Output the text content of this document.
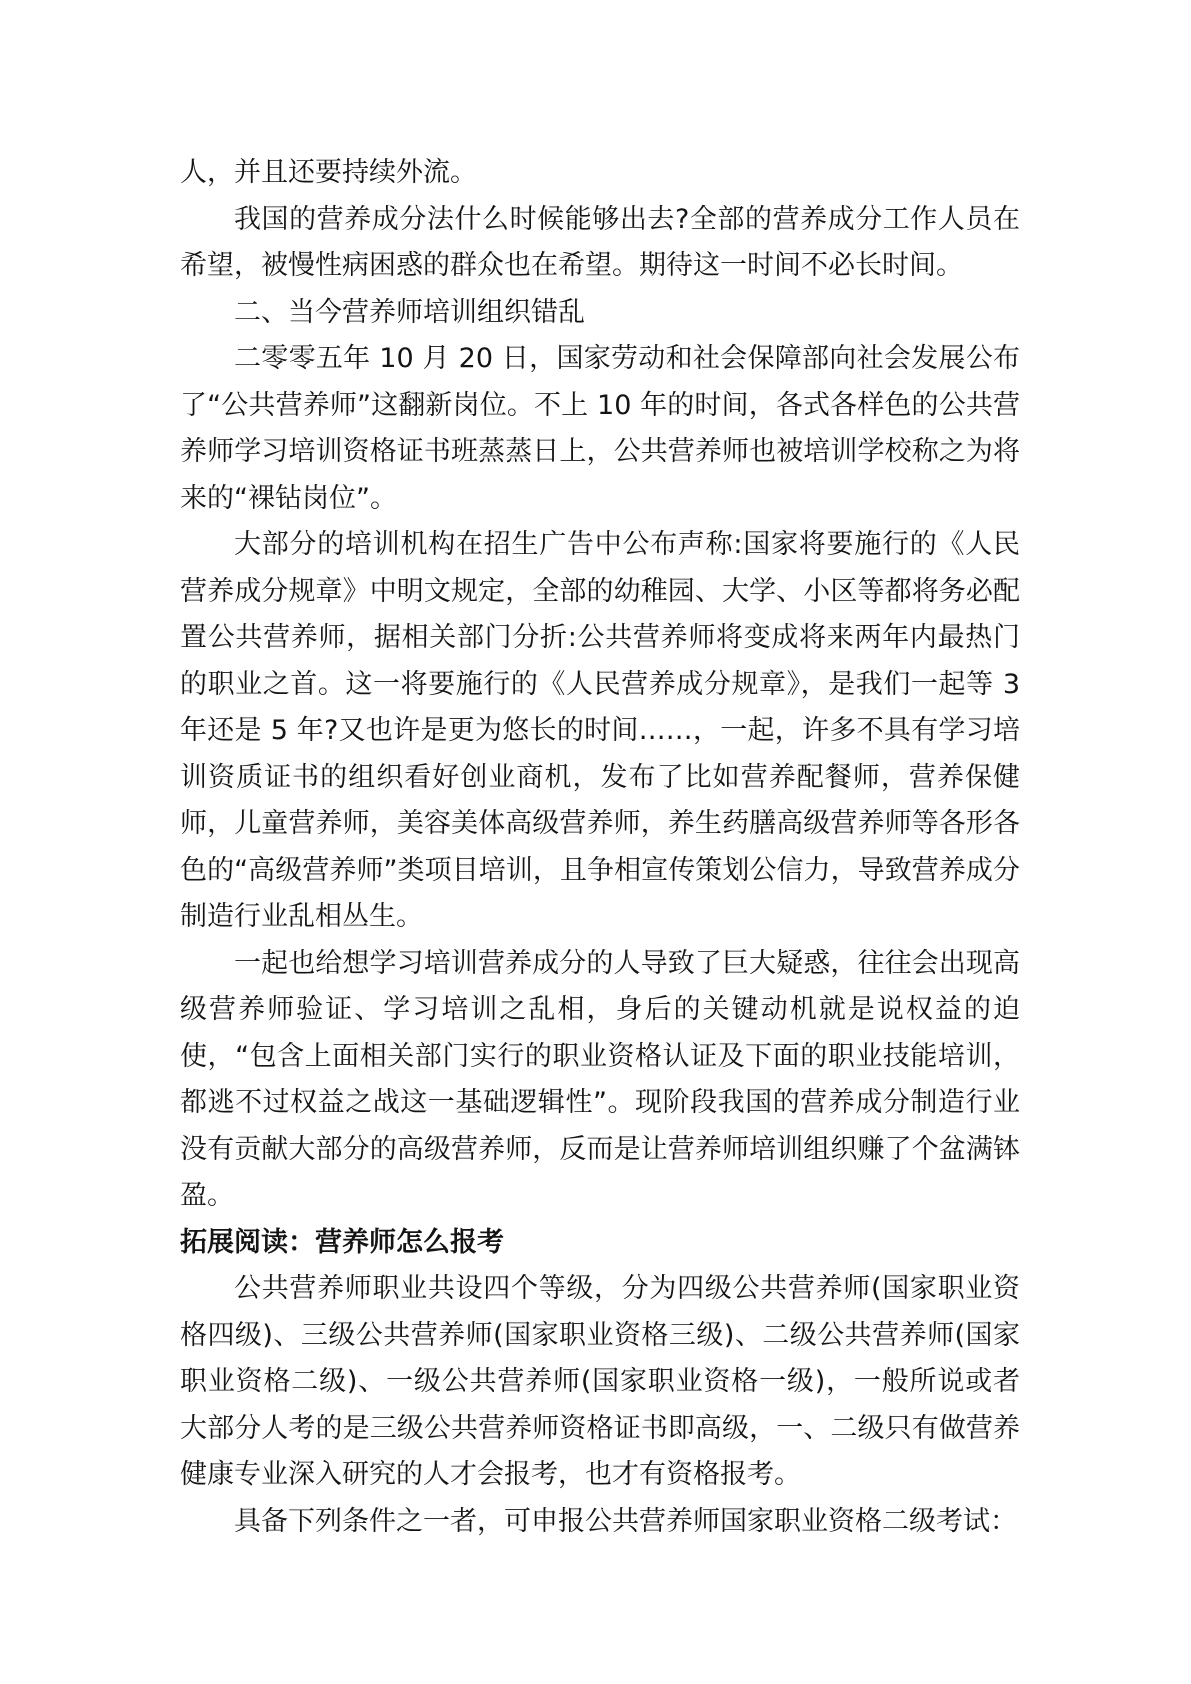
人，并且还要持续外流。

我国的营养成分法什么时候能够出去?全部的营养成分工作人员在希望，被慢性病困惑的群众也在希望。期待这一时间不必长时间。

二、当今营养师培训组织错乱

二零零五年 10 月 20 日，国家劳动和社会保障部向社会发展公布了“公共营养师”这翻新岗位。不上 10 年的时间，各式各样色的公共营养师学习培训资格证书班蒸蒸日上，公共营养师也被培训学校称之为将来的“裸钻岗位”。

大部分的培训机构在招生广告中公布声称:国家将要施行的《人民营养成分规章》中明文规定，全部的幼稚园、大学、小区等都将务必配置公共营养师，据相关部门分折:公共营养师将变成将来两年内最热门的职业之首。这一将要施行的《人民营养成分规章》，是我们一起等 3 年还是 5 年?又也许是更为悠长的时间……，一起，许多不具有学习培训资质证书的组织看好创业商机，发布了比如营养配餐师，营养保健师，儿童营养师，美容美体高级营养师，养生药膳高级营养师等各形各色的“高级营养师”类项目培训，且争相宣传策划公信力，导致营养成分制造行业乱相丛生。

一起也给想学习培训营养成分的人导致了巨大疑惑，往往会出现高级营养师验证、学习培训之乱相，身后的关键动机就是说权益的迫使，“包含上面相关部门实行的职业资格认证及下面的职业技能培训，都逃不过权益之战这一基础逻辑性”。现阶段我国的营养成分制造行业没有贡献大部分的高级营养师，反而是让营养师培训组织赚了个盆满钵盈。

拓展阅读：营养师怎么报考

公共营养师职业共设四个等级，分为四级公共营养师(国家职业资格四级)、三级公共营养师(国家职业资格三级)、二级公共营养师(国家职业资格二级)、一级公共营养师(国家职业资格一级)，一般所说或者大部分人考的是三级公共营养师资格证书即高级，一、二级只有做营养健康专业深入研究的人才会报考，也才有资格报考。

具备下列条件之一者，可申报公共营养师国家职业资格二级考试：
